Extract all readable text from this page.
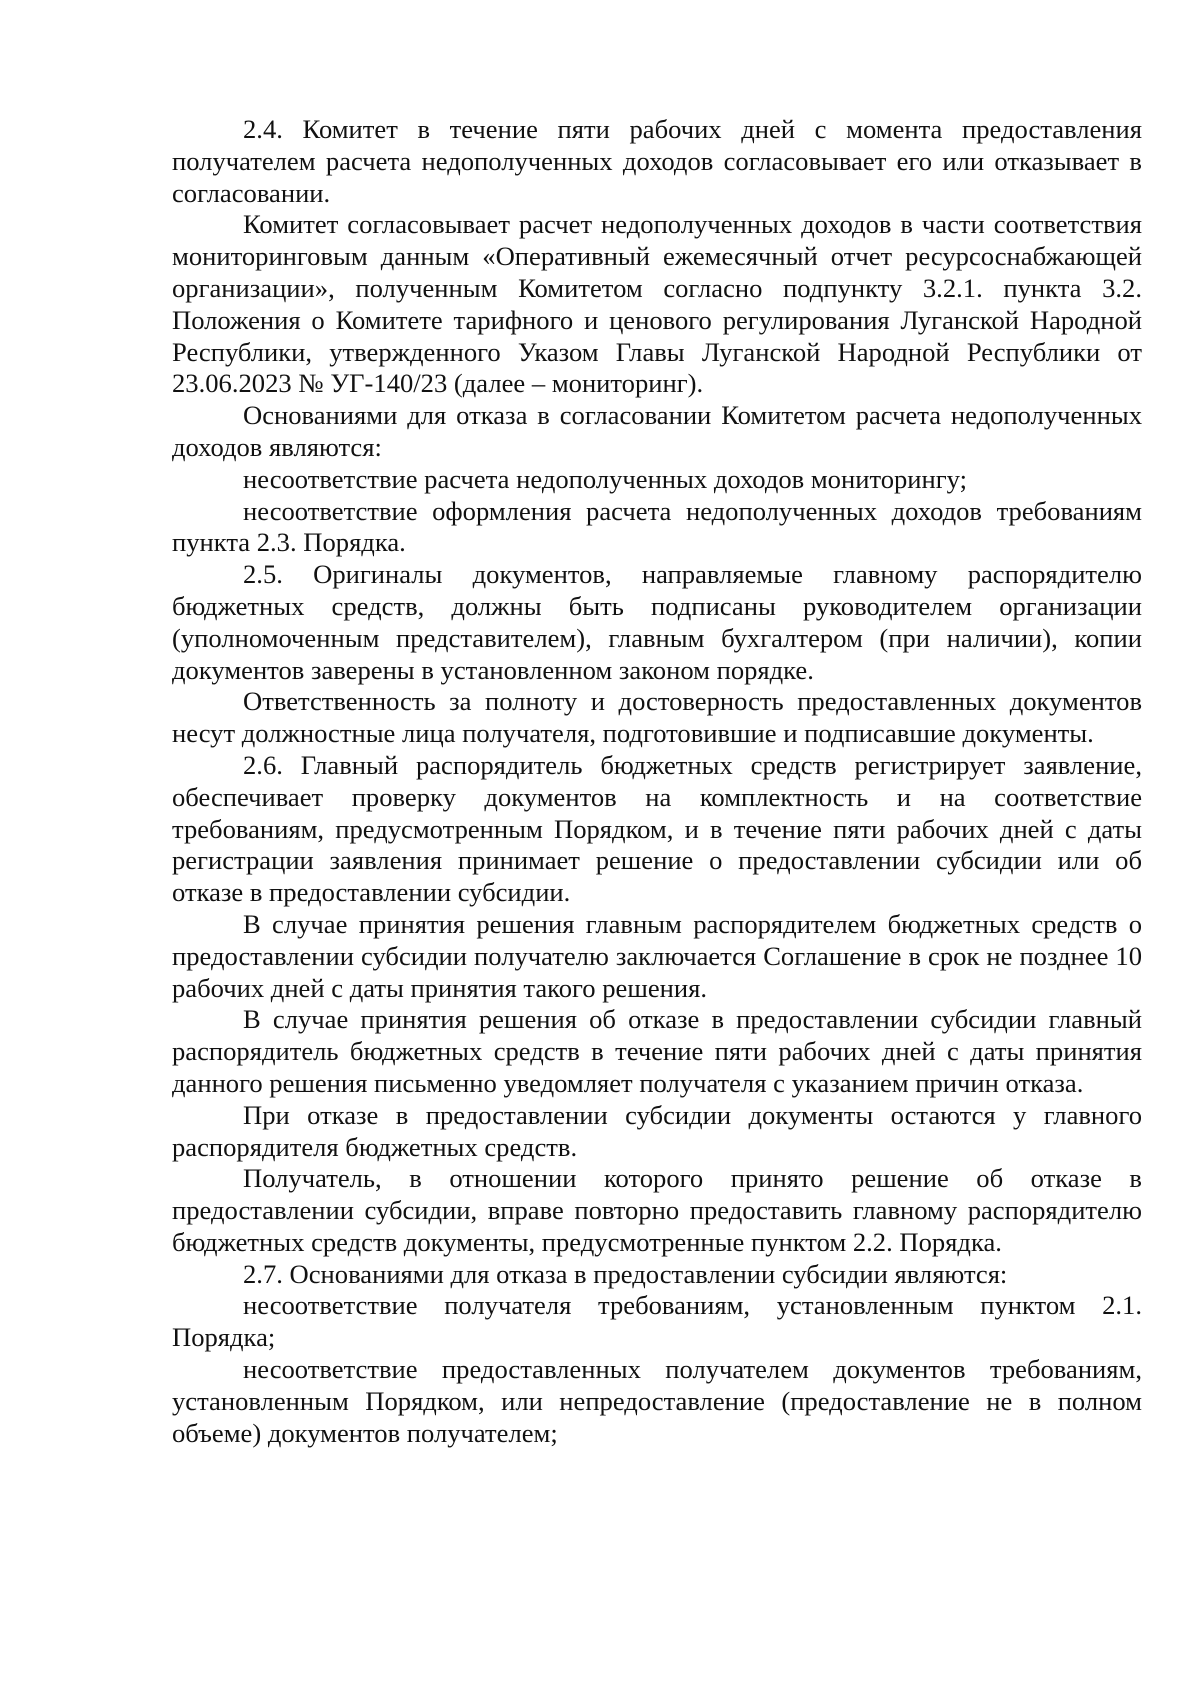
2.4. Комитет в течение пяти рабочих дней с момента предоставления получателем расчета недополученных доходов согласовывает его или отказывает в согласовании.

Комитет согласовывает расчет недополученных доходов в части соответствия мониторинговым данным «Оперативный ежемесячный отчет ресурсоснабжающей организации», полученным Комитетом согласно подпункту 3.2.1. пункта 3.2. Положения о Комитете тарифного и ценового регулирования Луганской Народной Республики, утвержденного Указом Главы Луганской Народной Республики от 23.06.2023 № УГ-140/23 (далее – мониторинг).

Основаниями для отказа в согласовании Комитетом расчета недополученных доходов являются:

несоответствие расчета недополученных доходов мониторингу;

несоответствие оформления расчета недополученных доходов требованиям пункта 2.3. Порядка.

2.5. Оригиналы документов, направляемые главному распорядителю бюджетных средств, должны быть подписаны руководителем организации (уполномоченным представителем), главным бухгалтером (при наличии), копии документов заверены в установленном законом порядке.

Ответственность за полноту и достоверность предоставленных документов несут должностные лица получателя, подготовившие и подписавшие документы.

2.6. Главный распорядитель бюджетных средств регистрирует заявление, обеспечивает проверку документов на комплектность и на соответствие требованиям, предусмотренным Порядком, и в течение пяти рабочих дней с даты регистрации заявления принимает решение о предоставлении субсидии или об отказе в предоставлении субсидии.

В случае принятия решения главным распорядителем бюджетных средств о предоставлении субсидии получателю заключается Соглашение в срок не позднее 10 рабочих дней с даты принятия такого решения.

В случае принятия решения об отказе в предоставлении субсидии главный распорядитель бюджетных средств в течение пяти рабочих дней с даты принятия данного решения письменно уведомляет получателя с указанием причин отказа.

При отказе в предоставлении субсидии документы остаются у главного распорядителя бюджетных средств.

Получатель, в отношении которого принято решение об отказе в предоставлении субсидии, вправе повторно предоставить главному распорядителю бюджетных средств документы, предусмотренные пунктом 2.2. Порядка.

2.7. Основаниями для отказа в предоставлении субсидии являются:

несоответствие получателя требованиям, установленным пунктом 2.1. Порядка;

несоответствие предоставленных получателем документов требованиям, установленным Порядком, или непредоставление (предоставление не в полном объеме) документов получателем;
